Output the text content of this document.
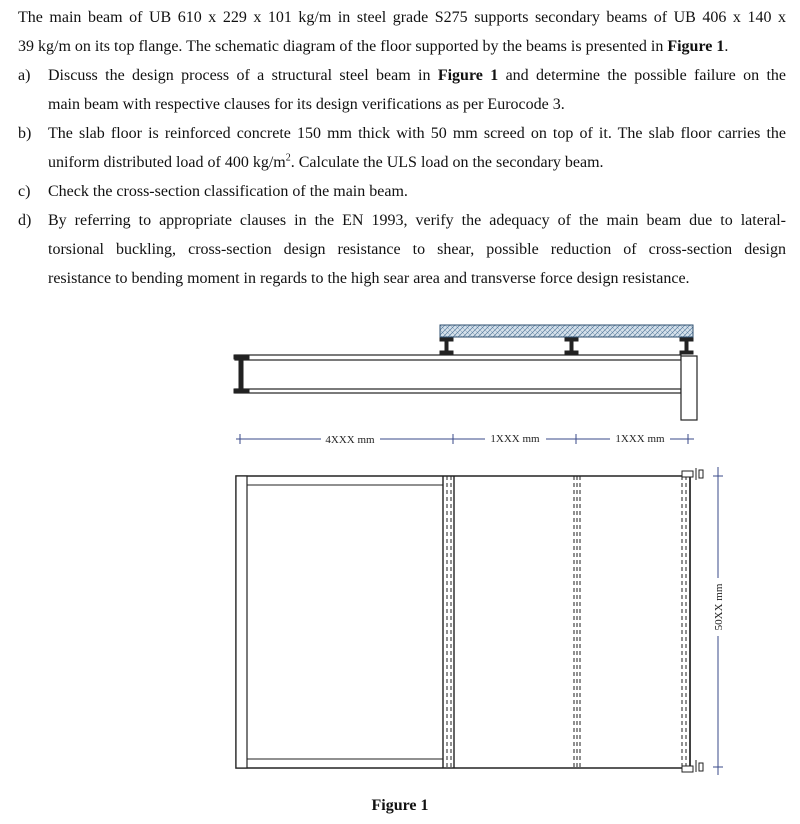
The main beam of UB 610 x 229 x 101 kg/m in steel grade S275 supports secondary beams of UB 406 x 140 x
39 kg/m on its top flange. The schematic diagram of the floor supported by the beams is presented in Figure 1.
a)	Discuss the design process of a structural steel beam in Figure 1 and determine the possible failure on the
main beam with respective clauses for its design verifications as per Eurocode 3.
b)	The slab floor is reinforced concrete 150 mm thick with 50 mm screed on top of it. The slab floor carries the
uniform distributed load of 400 $kg/m^2$. Calculate the ULS load on the secondary beam.
c)	Check the cross-section classification of the main beam.
d)	By referring to appropriate clauses in the EN 1993, verify the adequacy of the main beam due to lateral-
torsional buckling, cross-section design resistance to shear, possible reduction of cross-section design
resistance to bending moment in regards to the high sear area and transverse force design resistance.
4XXX mm	1XXX mm	1XXX mm
50XX mm
Figure 1
